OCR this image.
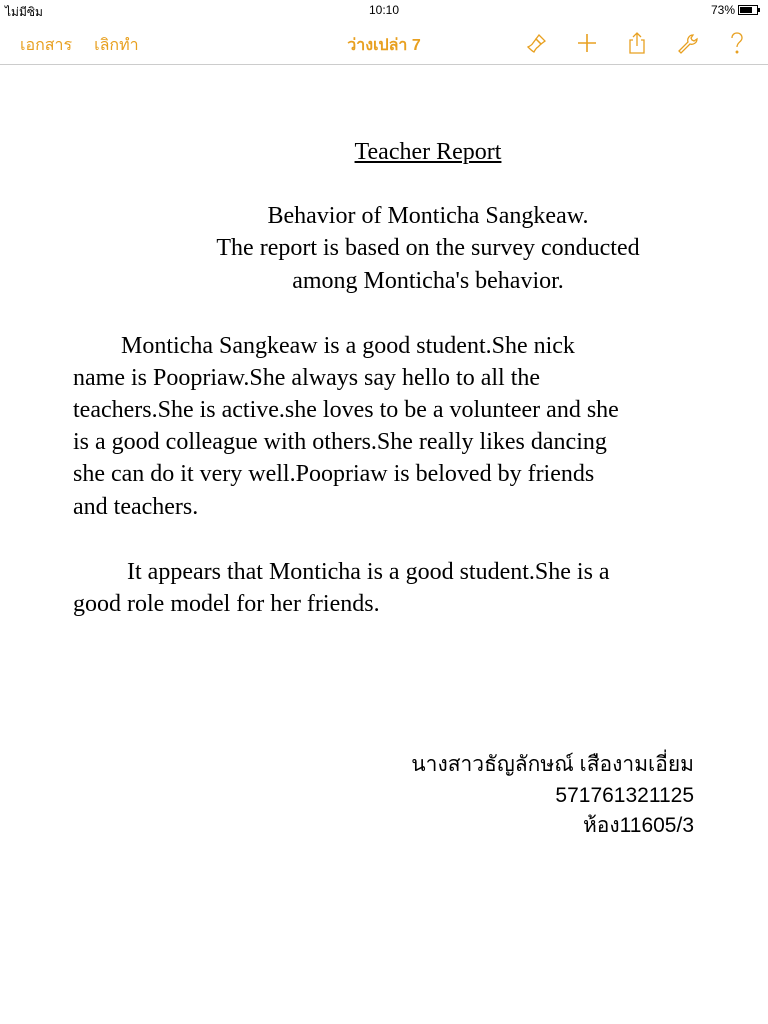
ไม่มีซิม	10:10	73%
เอกสาร เลิกทำ	ว่างเปล่า 7
Teacher Report
Behavior of Monticha Sangkeaw.
The report is based on the survey conducted
among Monticha's behavior.
Monticha Sangkeaw is a good student.She nick
name is Poopriaw.She always say hello to all the
teachers.She is active.she loves to be a volunteer and she
is a good colleague with others.She really likes dancing
she can do it very well.Poopriaw is beloved by friends
and teachers.
It appears that Monticha is a good student.She is a
good role model for her friends.
นางสาวธัญลักษณ์ เสืองามเอี่ยม
571761321125
ห้อง11605/3
